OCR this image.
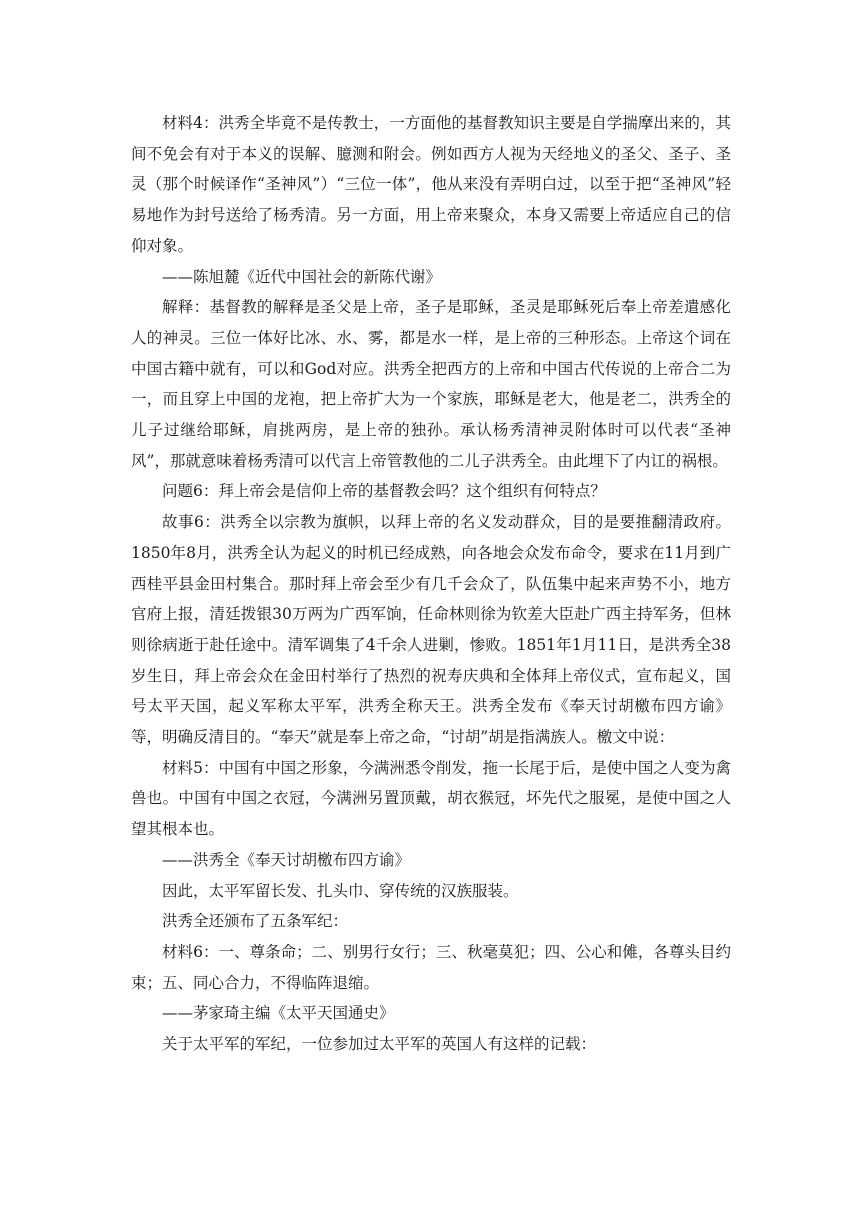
材料4：洪秀全毕竟不是传教士，一方面他的基督教知识主要是自学揣摩出来的，其间不免会有对于本义的误解、臆测和附会。例如西方人视为天经地义的圣父、圣子、圣灵（那个时候译作“圣神风”）“三位一体”，他从来没有弄明白过，以至于把“圣神风”轻易地作为封号送给了杨秀清。另一方面，用上帝来聚众，本身又需要上帝适应自己的信仰对象。

——陈旭麓《近代中国社会的新陈代谢》

解释：基督教的解释是圣父是上帝，圣子是耶稣，圣灵是耶稣死后奉上帝差遣感化人的神灵。三位一体好比冰、水、雾，都是水一样，是上帝的三种形态。上帝这个词在中国古籍中就有，可以和God对应。洪秀全把西方的上帝和中国古代传说的上帝合二为一，而且穿上中国的龙袍，把上帝扩大为一个家族，耶稣是老大，他是老二，洪秀全的儿子过继给耶稣，肩挑两房，是上帝的独孙。承认杨秀清神灵附体时可以代表“圣神风”，那就意味着杨秀清可以代言上帝管教他的二儿子洪秀全。由此埋下了内讧的祸根。

问题6：拜上帝会是信仰上帝的基督教会吗？这个组织有何特点？

故事6：洪秀全以宗教为旗帜，以拜上帝的名义发动群众，目的是要推翻清政府。1850年8月，洪秀全认为起义的时机已经成熟，向各地会众发布命令，要求在11月到广西桂平县金田村集合。那时拜上帝会至少有几千会众了，队伍集中起来声势不小，地方官府上报，清廷拨银30万两为广西军饷，任命林则徐为钦差大臣赴广西主持军务，但林则徐病逝于赴任途中。清军调集了4千余人进剿，惨败。1851年1月11日，是洪秀全38岁生日，拜上帝会众在金田村举行了热烈的祝寿庆典和全体拜上帝仪式，宣布起义，国号太平天国，起义军称太平军，洪秀全称天王。洪秀全发布《奉天讨胡檄布四方谕》等，明确反清目的。“奉天”就是奉上帝之命，“讨胡”胡是指满族人。檄文中说：

材料5：中国有中国之形象，今满洲悉令削发，拖一长尾于后，是使中国之人变为禽兽也。中国有中国之衣冠，今满洲另置顶戴，胡衣猴冠，坏先代之服冕，是使中国之人望其根本也。

——洪秀全《奉天讨胡檄布四方谕》

因此，太平军留长发、扎头巾、穿传统的汉族服装。

洪秀全还颁布了五条军纪：

材料6：一、尊条命；二、别男行女行；三、秋毫莫犯；四、公心和傩，各尊头目约束；五、同心合力，不得临阵退缩。

——茅家琦主编《太平天国通史》

关于太平军的军纪，一位参加过太平军的英国人有这样的记载：
